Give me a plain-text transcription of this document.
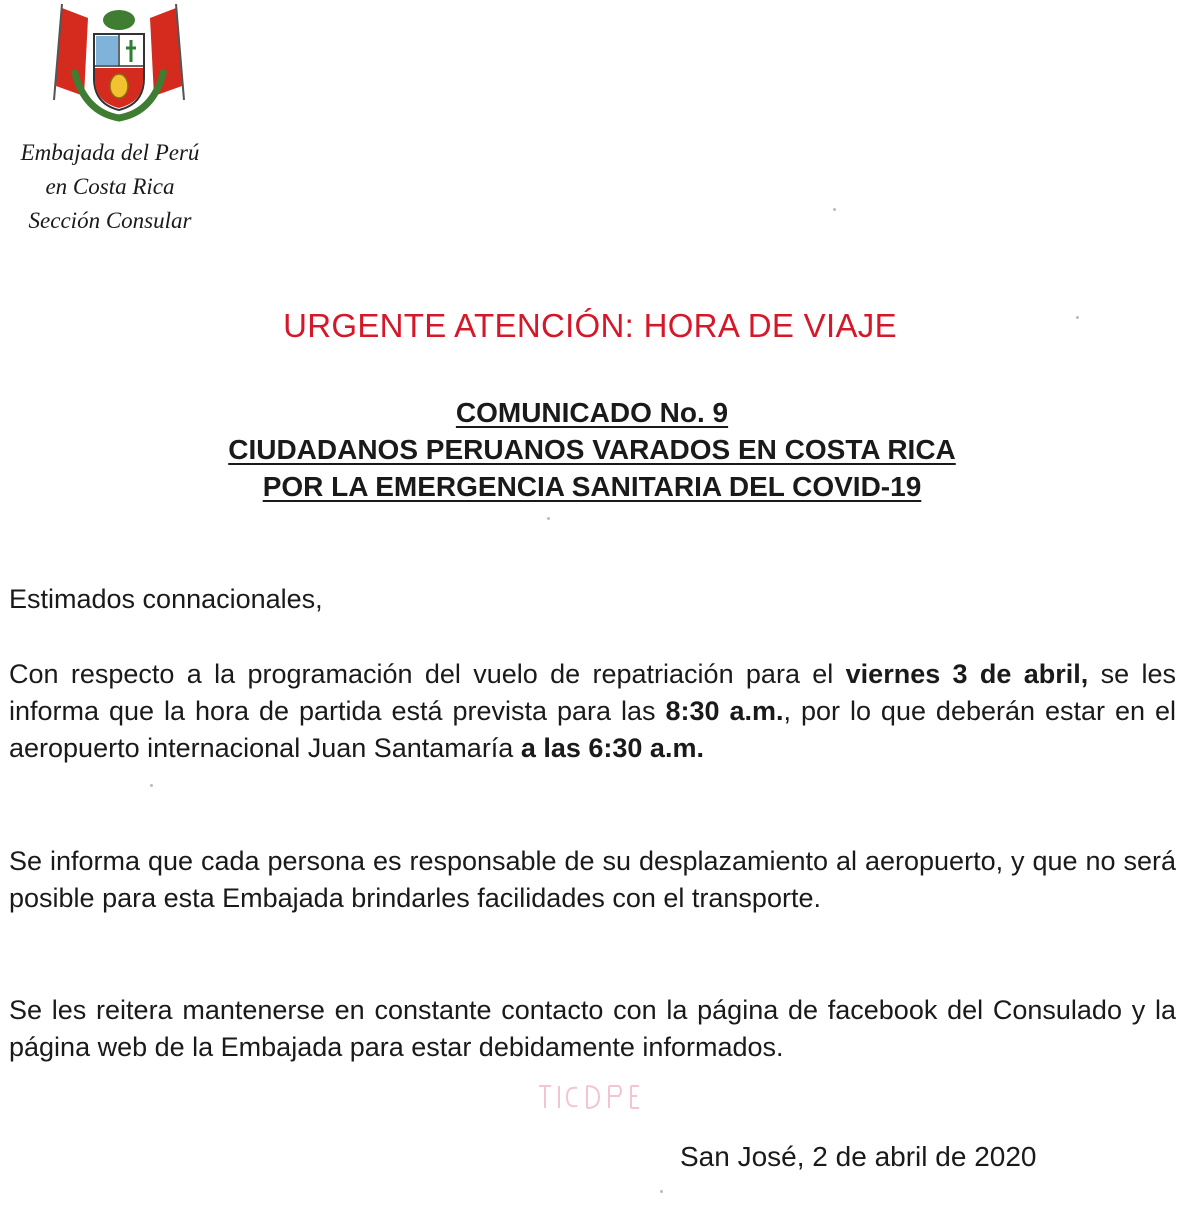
Embajada del Perú
en Costa Rica
Sección Consular
URGENTE ATENCIÓN: HORA DE VIAJE
COMUNICADO No. 9
CIUDADANOS PERUANOS VARADOS EN COSTA RICA
POR LA EMERGENCIA SANITARIA DEL COVID-19
Estimados connacionales,

Con respecto a la programación del vuelo de repatriación para el viernes 3 de abril, se les informa que la hora de partida está prevista para las 8:30 a.m., por lo que deberán estar en el aeropuerto internacional Juan Santamaría a las 6:30 a.m.

Se informa que cada persona es responsable de su desplazamiento al aeropuerto, y que no será posible para esta Embajada brindarles facilidades con el transporte.

Se les reitera mantenerse en constante contacto con la página de facebook del Consulado y la página web de la Embajada para estar debidamente informados.

San José, 2 de abril de 2020
